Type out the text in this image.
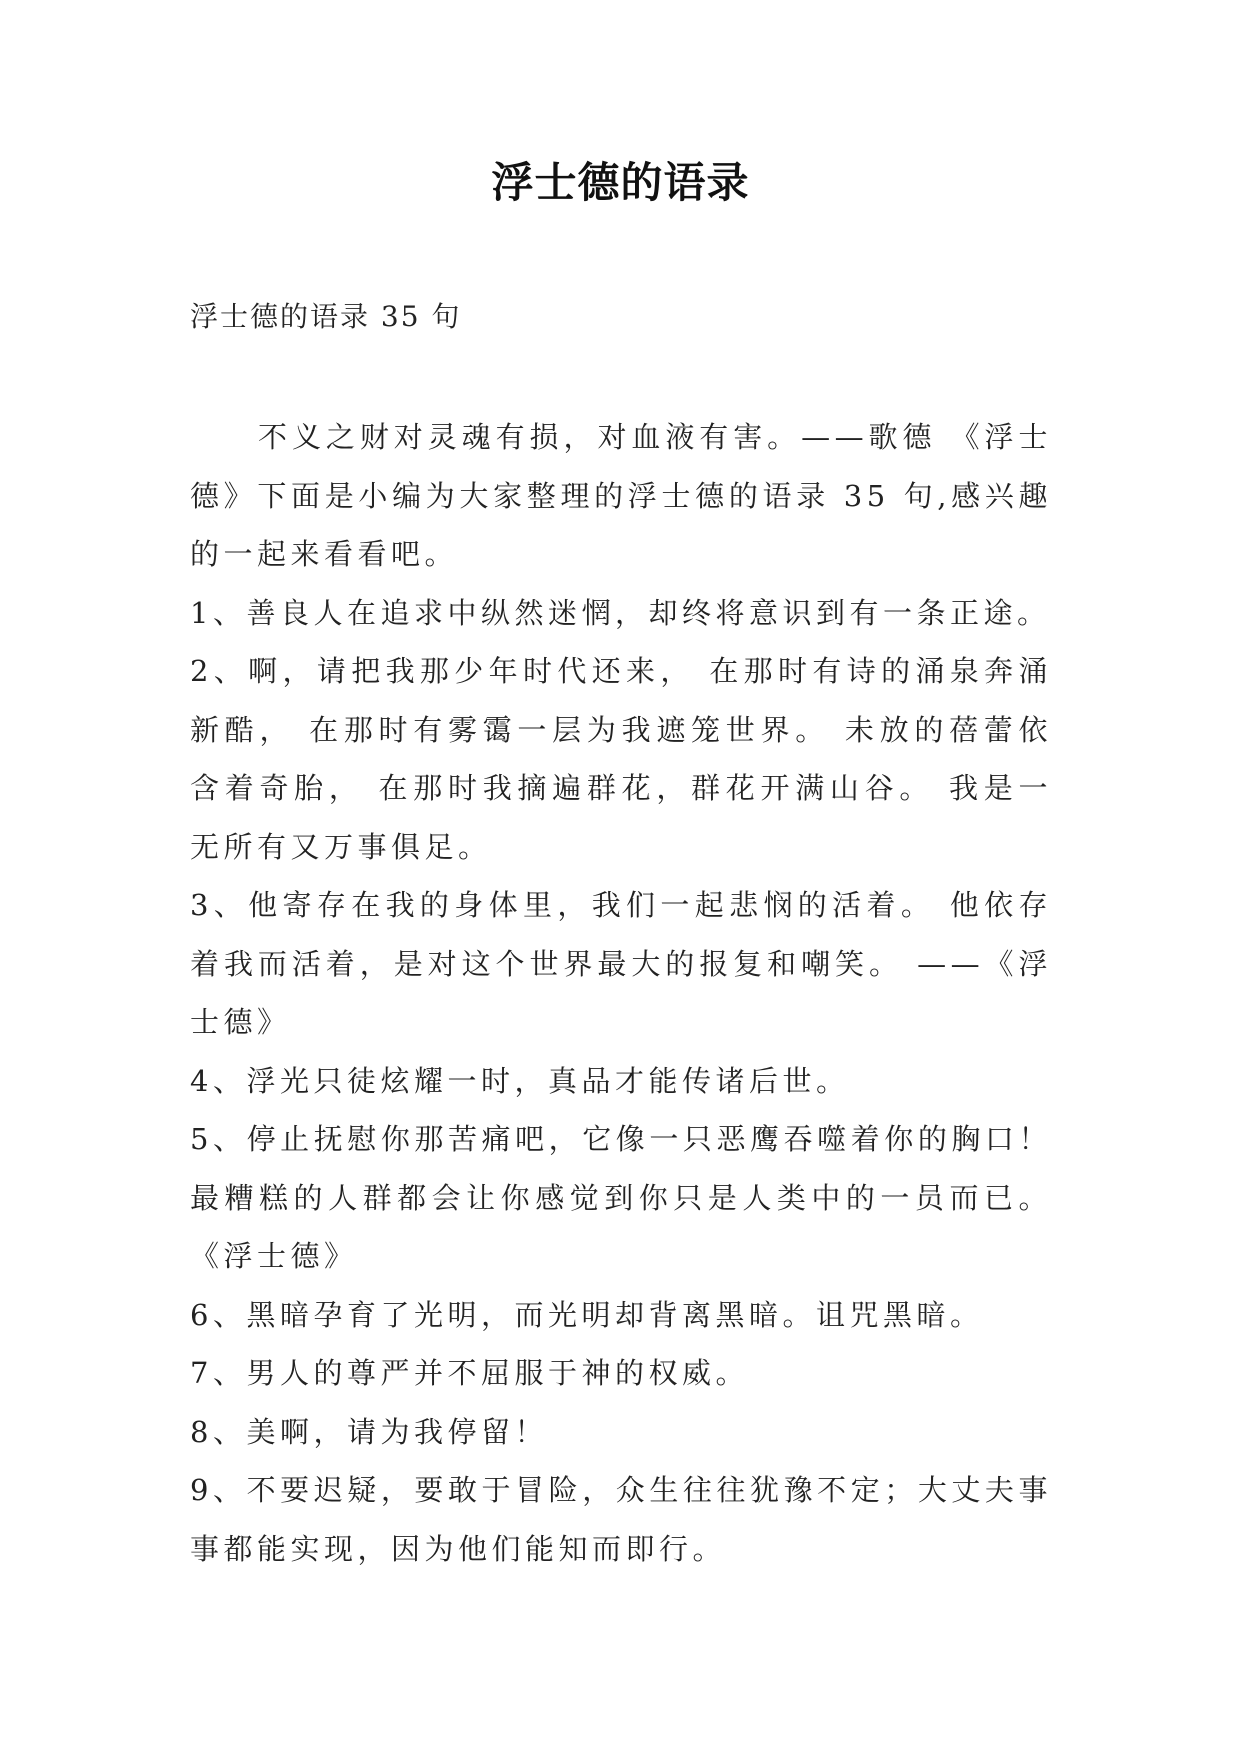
浮士德的语录
浮士德的语录 35 句

不义之财对灵魂有损，对血液有害。——歌德 《浮士德》下面是小编为大家整理的浮士德的语录 35 句,感兴趣的一起来看看吧。

1、善良人在追求中纵然迷惘，却终将意识到有一条正途。

2、啊，请把我那少年时代还来， 在那时有诗的涌泉奔涌新酷， 在那时有雾霭一层为我遮笼世界。 未放的蓓蕾依含着奇胎， 在那时我摘遍群花，群花开满山谷。 我是一无所有又万事俱足。

3、他寄存在我的身体里，我们一起悲悯的活着。 他依存着我而活着，是对这个世界最大的报复和嘲笑。 ——《浮士德》

4、浮光只徒炫耀一时，真品才能传诸后世。

5、停止抚慰你那苦痛吧，它像一只恶鹰吞噬着你的胸口！最糟糕的人群都会让你感觉到你只是人类中的一员而已。《浮士德》

6、黑暗孕育了光明，而光明却背离黑暗。诅咒黑暗。

7、男人的尊严并不屈服于神的权威。

8、美啊，请为我停留！

9、不要迟疑，要敢于冒险，众生往往犹豫不定；大丈夫事事都能实现，因为他们能知而即行。
